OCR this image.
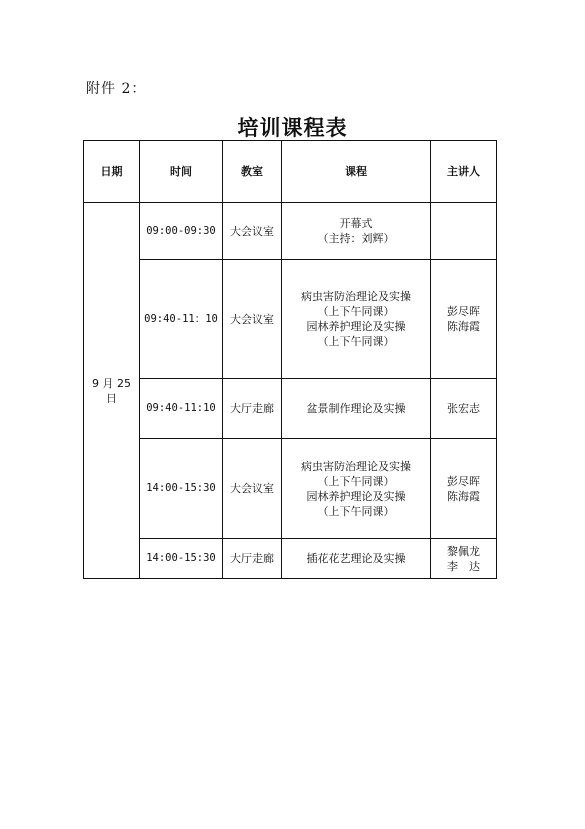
附件 2：
培训课程表
日期	时间	教室	课程	主讲人
9 月 25 日	09:00-09:30	大会议室	开幕式
（主持：刘辉）	

	09:40-11：10	大会议室	病虫害防治理论及实操
（上下午同课）
园林养护理论及实操
（上下午同课）	彭尽晖
陈海霞

	09:40-11:10	大厅走廊	盆景制作理论及实操	张宏志

	14:00-15:30	大会议室	病虫害防治理论及实操
（上下午同课）
园林养护理论及实操
（上下午同课）	彭尽晖
陈海霞

	14:00-15:30	大厅走廊	插花花艺理论及实操	黎佩龙
李　达
